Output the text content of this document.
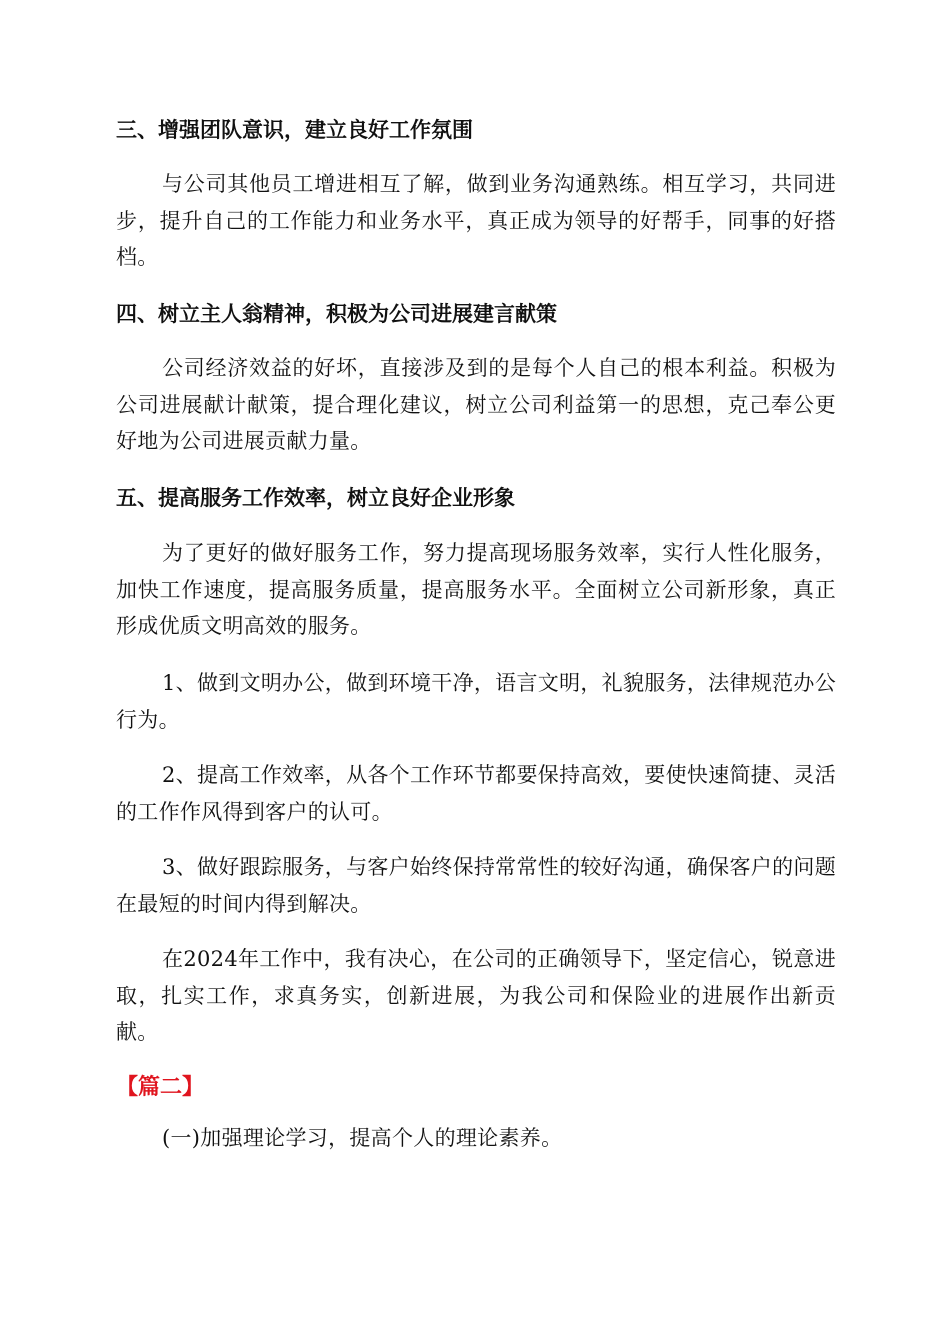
三、增强团队意识，建立良好工作氛围
与公司其他员工增进相互了解，做到业务沟通熟练。相互学习，共同进步，提升自己的工作能力和业务水平，真正成为领导的好帮手，同事的好搭档。
四、树立主人翁精神，积极为公司进展建言献策
公司经济效益的好坏，直接涉及到的是每个人自己的根本利益。积极为公司进展献计献策，提合理化建议，树立公司利益第一的思想，克己奉公更好地为公司进展贡献力量。
五、提高服务工作效率，树立良好企业形象
为了更好的做好服务工作，努力提高现场服务效率，实行人性化服务，加快工作速度，提高服务质量，提高服务水平。全面树立公司新形象，真正形成优质文明高效的服务。
1、做到文明办公，做到环境干净，语言文明，礼貌服务，法律规范办公行为。
2、提高工作效率，从各个工作环节都要保持高效，要使快速简捷、灵活的工作作风得到客户的认可。
3、做好跟踪服务，与客户始终保持常常性的较好沟通，确保客户的问题在最短的时间内得到解决。
在2024年工作中，我有决心，在公司的正确领导下，坚定信心，锐意进取，扎实工作，求真务实，创新进展，为我公司和保险业的进展作出新贡献。
【篇二】
(一)加强理论学习，提高个人的理论素养。
